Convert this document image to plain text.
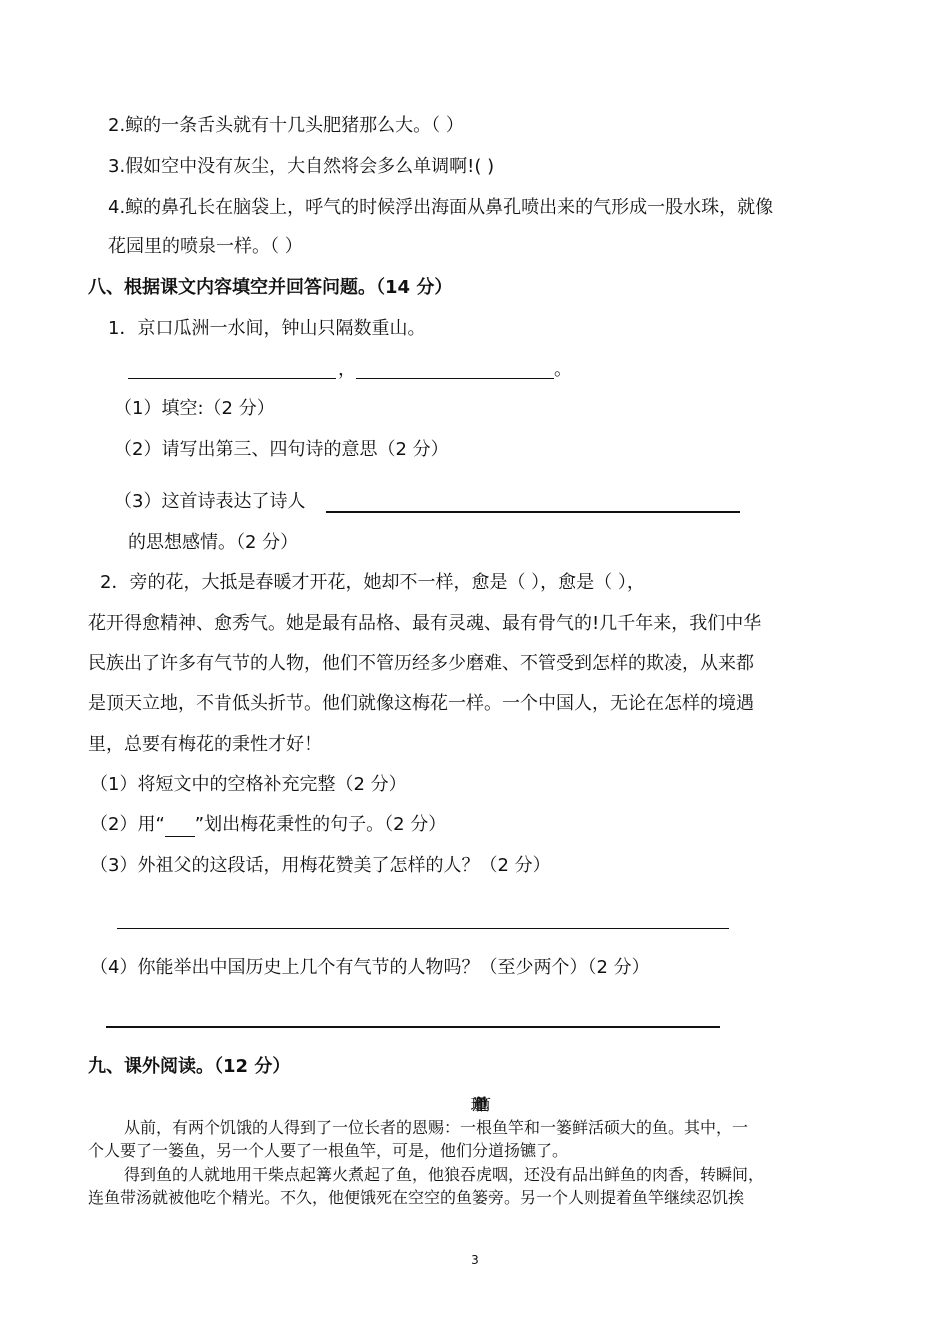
2.鲸的一条舌头就有十几头肥猪那么大。（ ）
3.假如空中没有灰尘，大自然将会多么单调啊!( )
4.鲸的鼻孔长在脑袋上，呼气的时候浮出海面从鼻孔喷出来的气形成一股水珠，就像
花园里的喷泉一样。（ ）
八、根据课文内容填空并回答问题。（14 分）
1．京口瓜洲一水间，钟山只隔数重山。
，	。
（1）填空:（2 分）
（2）请写出第三、四句诗的意思（2 分）
（3）这首诗表达了诗人
的思想感情。（2 分）
2．旁的花，大抵是春暖才开花，她却不一样，愈是（ ），愈是（ ），
花开得愈精神、愈秀气。她是最有品格、最有灵魂、最有骨气的!几千年来，我们中华
民族出了许多有气节的人物，他们不管历经多少磨难、不管受到怎样的欺凌，从来都
是顶天立地，不肯低头折节。他们就像这梅花一样。一个中国人，无论在怎样的境遇
里，总要有梅花的秉性才好！
（1）将短文中的空格补充完整（2 分）
（2）用“ ”划出梅花秉性的句子。（2 分）
（3）外祖父的这段话，用梅花赞美了怎样的人？（2 分）
（4）你能举出中国历史上几个有气节的人物吗？（至少两个）（2 分）
九、课外阅读。（12 分）
从前，有两个饥饿的人得到了一位长者的恩赐：一根鱼竿和一篓鲜活硕大的鱼。其中，一
个人要了一篓鱼，另一个人要了一根鱼竿，可是，他们分道扬镳了。
得到鱼的人就地用干柴点起篝火煮起了鱼，他狼吞虎咽，还没有品出鲜鱼的肉香，转瞬间，
连鱼带汤就被他吃个精光。不久，他便饿死在空空的鱼篓旁。另一个人则提着鱼竿继续忍饥挨
3
